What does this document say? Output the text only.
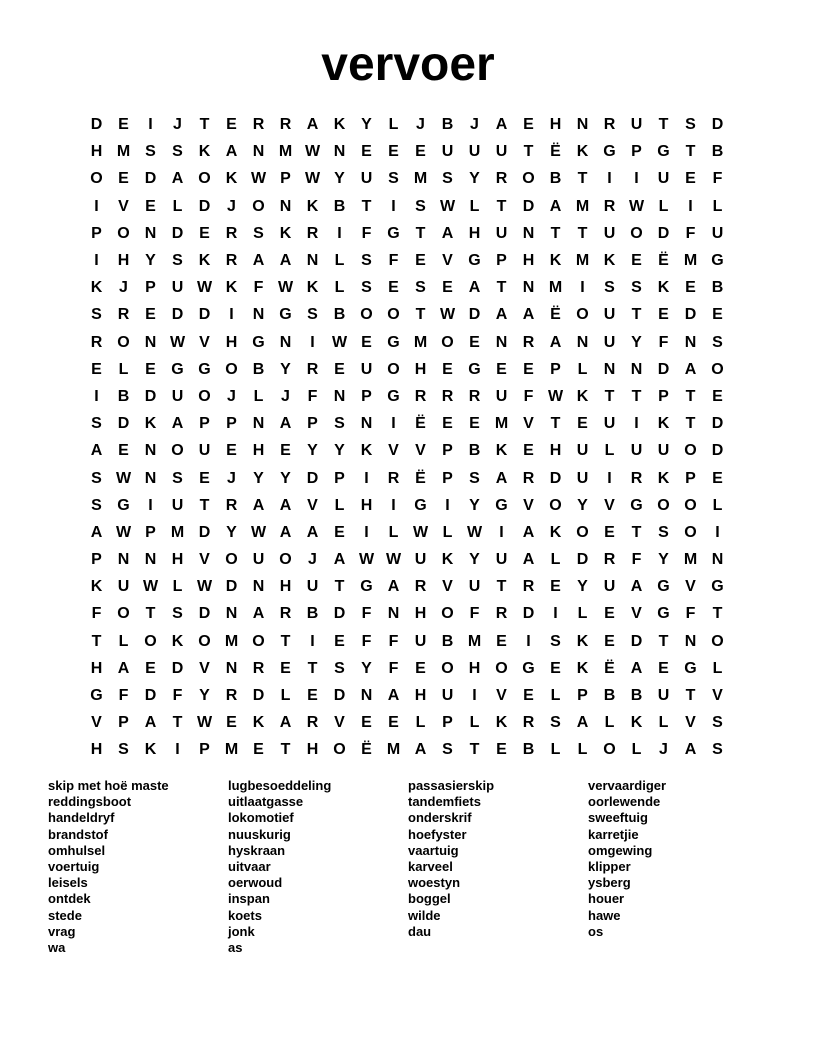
vervoer
D E	I	J	T	E R R A K Y	L	J	B	J	A E H N R U	T	S D
H M S	S K A N M W N E	E	E U U U	T	Ë K G P G T	B
O E D A O K W P W Y U S M S	Y R O B	T	I	I	U E	F
I	V	E	L	D	J	O N K B	T	I	S W L	T	D A M R W L	I	L
P O N D E R S K R	I	F G T	A H U N	T	T	U O D	F	U
I	H Y	S K R A A N	L	S	F	E	V G P H K M K E	Ë M G
K	J	P U W K	F W K	L	S	E	S	E A	T	N M	I	S	S K E B
S R E D D	I	N G S B O O T W D A A Ë O U	T	E D E
R O N W V H G N	I	W E G M O E N R A N U Y	F	N S
E	L	E G G O B Y R E U O H E G E	E	P	L	N N D A O
I	B D U O	J	L	J	F	N P G R R R U	F W K	T	T	P	T	E
S D K A P	P N A P	S N	I	Ë	E	E M V	T	E U	I	K	T	D
A E N O U E H E	Y	Y K V	V	P B K E H U	L	U U O D
S W N S	E	J	Y	Y D P	I	R Ë	P	S A R D U	I	R K P	E
S G	I	U	T	R A A V	L	H	I	G	I	Y G V O Y	V G O O L
A W P M D Y W A A E	I	L W L W	I	A K O E	T	S O	I
P N N H V O U O	J	A W W U K Y U A	L	D R	F	Y M N
K U W L W D N H U	T G A R V U	T	R E	Y U A G V G
F O T	S D N A R B D	F	N H O F	R D	I	L	E	V G F	T
T	L O K O M O T	I	E	F	F	U B M E	I	S K E D	T	N O
H A E D V N R E	T	S	Y	F	E O H O G E K Ë A E G L
G F	D	F	Y R D	L	E D N A H U	I	V	E	L	P B B U	T	V
V	P A	T W E K A R V	E	E	L	P	L	K R S A	L	K	L	V	S
H S K	I	P M E	T	H O Ë M A S	T	E B	L	L O L	J	A S
skip met hoë maste
reddingsboot
handeldryf
brandstof
omhulsel
voertuig
leisels
ontdek
stede
vrag
wa
lugbesoeddeling
uitlaatgasse
lokomotief
nuuskurig
hyskraan
uitvaar
oerwoud
inspan
koets
jonk
as
passasierskip
tandemfiets
onderskrif
hoefyster
vaartuig
karveel
woestyn
boggel
wilde
dau
vervaardiger
oorlewende
sweeftuig
karretjie
omgewing
klipper
ysberg
houer
hawe
os
